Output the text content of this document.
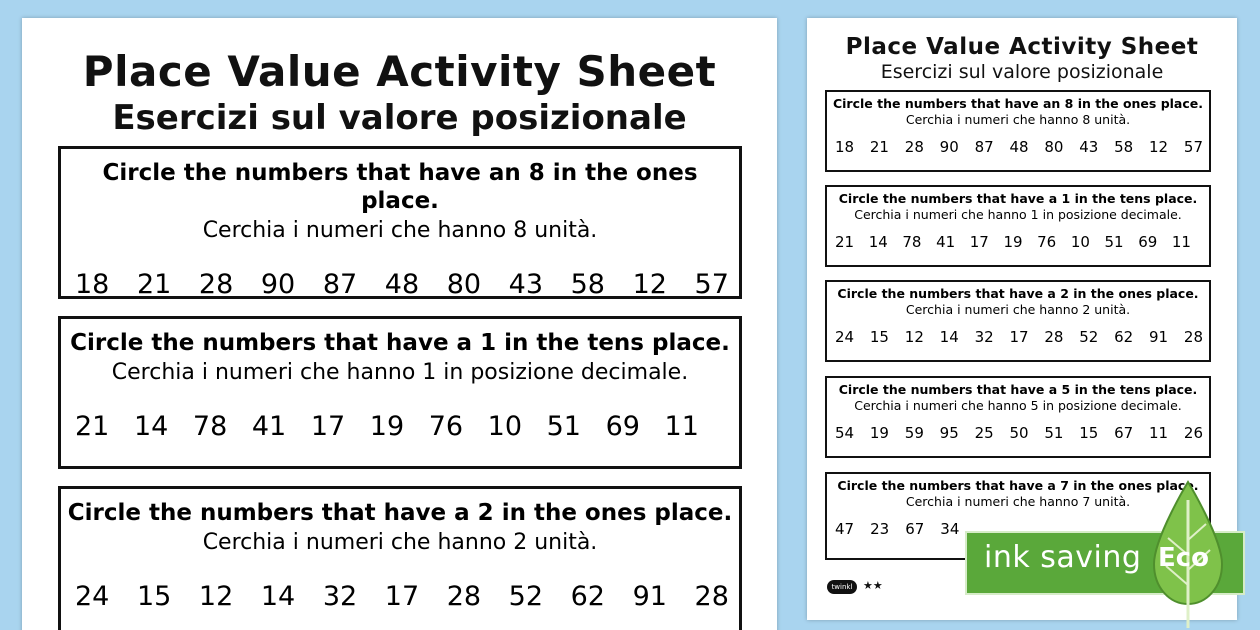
Place Value Activity Sheet
Esercizi sul valore posizionale
Circle the numbers that have an 8 in the ones place.
Cerchia i numeri che hanno 8 unità.
18 21 28 90 87 48 80 43 58 12 57
Circle the numbers that have a 1 in the tens place.
Cerchia i numeri che hanno 1 in posizione decimale.
21 14 78 41 17 19 76 10 51 69 11
Circle the numbers that have a 2 in the ones place.
Cerchia i numeri che hanno 2 unità.
24 15 12 14 32 17 28 52 62 91 28
Place Value Activity Sheet
Esercizi sul valore posizionale
Circle the numbers that have an 8 in the ones place.
Cerchia i numeri che hanno 8 unità.
18 21 28 90 87 48 80 43 58 12 57
Circle the numbers that have a 1 in the tens place.
Cerchia i numeri che hanno 1 in posizione decimale.
21 14 78 41 17 19 76 10 51 69 11
Circle the numbers that have a 2 in the ones place.
Cerchia i numeri che hanno 2 unità.
24 15 12 14 32 17 28 52 62 91 28
Circle the numbers that have a 5 in the tens place.
Cerchia i numeri che hanno 5 in posizione decimale.
54 19 59 95 25 50 51 15 67 11 26
Circle the numbers that have a 7 in the ones place.
Cerchia i numeri che hanno 7 unità.
47 23 67 34
twinkl ★★
ink saving Eco
